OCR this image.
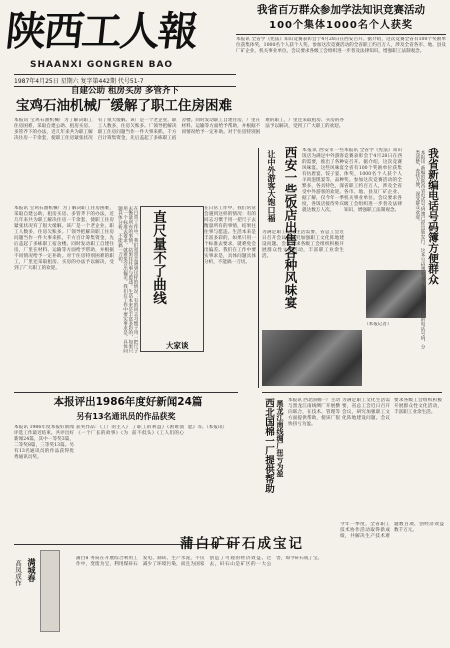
陕西工人報
SHAANXI GONGREN BAO
1987年4月25日 星期六 复字第442期 代号51-7
我省百万群众参加学法知识竞赛活动
100个集体1000名个人获奖
本报讯 全省学《宪法》知识竞赛表彰会于4月28日在西安召开。据介绍，这次竞赛全省有100个奖励单位获集体奖，1000名个人获个人奖。参加这次竞赛活动的全省职工约百万人，涉及全省各市、地、县及厂矿企业、机关事业单位。会议要求各级工会组织进一步普及法律知识，增强职工法制观念。
自建公助 租房买房 多管齐下
宝鸡石油机械厂缓解了职工住房困难
本报讯 宝鸡石油机械厂为了解决职工住房困难，采取自建公助、租房买房、多管齐下的办法，近几年来共为职工解决住房一千余套，使职工住房紧张状况有了很大缓解。该厂是一个老企业，职工人数多，住房欠账多。厂领导把解决职工住房问题当作一件大事来抓，千方百计筹集资金，先后盖起了多栋职工宿舍楼。同时发动职工自建住房，厂里在材料、运输等方面给予帮助，并根据不同情况给予一定补助。对于住房特别困难的职工，厂里还采取租房、买房的办法予以解决，受到了广大职工的欢迎。
西安一些饭店出售各种风味宴
让中外游客大饱口福	本报讯 西安市一些饭店为满足中外游客的需要，推出了各种风味宴。这些风味宴有仿唐宴、饺子宴、羊肉泡馍宴等，品种繁多，各具特色，深受中外游客的欢迎。据了解，仅今年一季度，各饭店接待外宾就达数万人次。
本报讯 宝鸡石油机械厂为了解决职工住房困难，采取自建公助、租房买房、多管齐下的办法，近几年来共为职工解决住房一千余套，使职工住房紧张状况有了很大缓解。该厂是一个老企业，职工人数多，住房欠账多。厂领导把解决职工住房问题当作一件大事来抓，千方百计筹集资金，先后盖起了多栋职工宿舍楼。同时发动职工自建住房，厂里在材料、运输等方面给予帮助，并根据不同情况给予一定补助。对于住房特别困难的职工，厂里还采取租房、买房的办法予以解决，受到了广大职工的欢迎。	直尺量不了曲线
大家谈
在日常工作中，我们常常会遇到这样的情况：有的同志习惯于用一把尺子去衡量所有的事情，结果往往事与愿违。生活本来是丰富多彩的，如果只用一个标准去要求，就难免会出偏差。我们在工作中要实事求是，具体问题具体分析，不能搞一刀切。	在日常工作中，我们常常会遇到这样的情况：有的同志习惯于用一把尺子去衡量所有的事情，结果往往事与愿违。生活本来是丰富多彩的，如果只用一个标准去要求，就难免会出偏差。我们在工作中要实事求是，具体问题具体分析，不能搞一刀切。
为满足职工文化生活需要，省总工会近日召开会议，研究加强职工文化阵地建设问题。会议要求各级工会组织积极开展群众性文化活动，丰富职工业余生活。
本报讯 全省学《宪法》知识竞赛表彰会于4月28日在西安召开。据介绍，这次竞赛全省有100个奖励单位获集体奖，1000名个人获个人奖。参加这次竞赛活动的全省职工约百万人，涉及全省各市、地、县及厂矿企业、机关事业单位。会议要求各级工会组织进一步普及法律知识，增强职工法制观念。
（本报记者）
我省新编电话号码簿方便群众
本报讯 新编的陕西省电话号码簿已经出版发行。这本号码簿收录了全省各主要单位的电话号码，分类清楚，查找方便，深受群众欢迎。
本报评出1986年度好新闻24篇
另有13名通讯员的作品获奖
本报讯 1986年度本报好新闻评选工作最近结束。共评出好新闻24篇，其中一等奖3篇，二等奖8篇，三等奖13篇。另有13名通讯员的作品获得优秀通讯员奖。
获奖作品：《工厂的主人》《一个厂长的故事》《为了职工的利益》《困难面前不低头》《工人们的心愿》等。（本报讯）
满城春
高凤成作
西北国棉一厂提供帮助 黑龙江南线绸厂扭亏为盈 本报讯 西北国棉一厂主动与黑龙江南线绸厂开展横向联合，在技术、管理等方面提供帮助，使该厂很快扭亏为盈。
为满足职工文化生活需要，省总工会近日召开会议，研究加强职工文化阵地建设问题。会议要求各级工会组织积极开展群众性文化活动，丰富职工业余生活。
蒲白矿矸石成宝记
蒲白矿务局在开展综合利用工作中，变废为宝，利用煤矸石发电、制砖、生产水泥，不仅减少了环境污染，而且为国家创造了可观的经济效益。过去，矸石山是矿区的一大公害，如今矸石成了宝。
今年一季度，全省职工技术协作活动取得新成绩，共解决生产技术难题数百项，创经济效益数千万元。
